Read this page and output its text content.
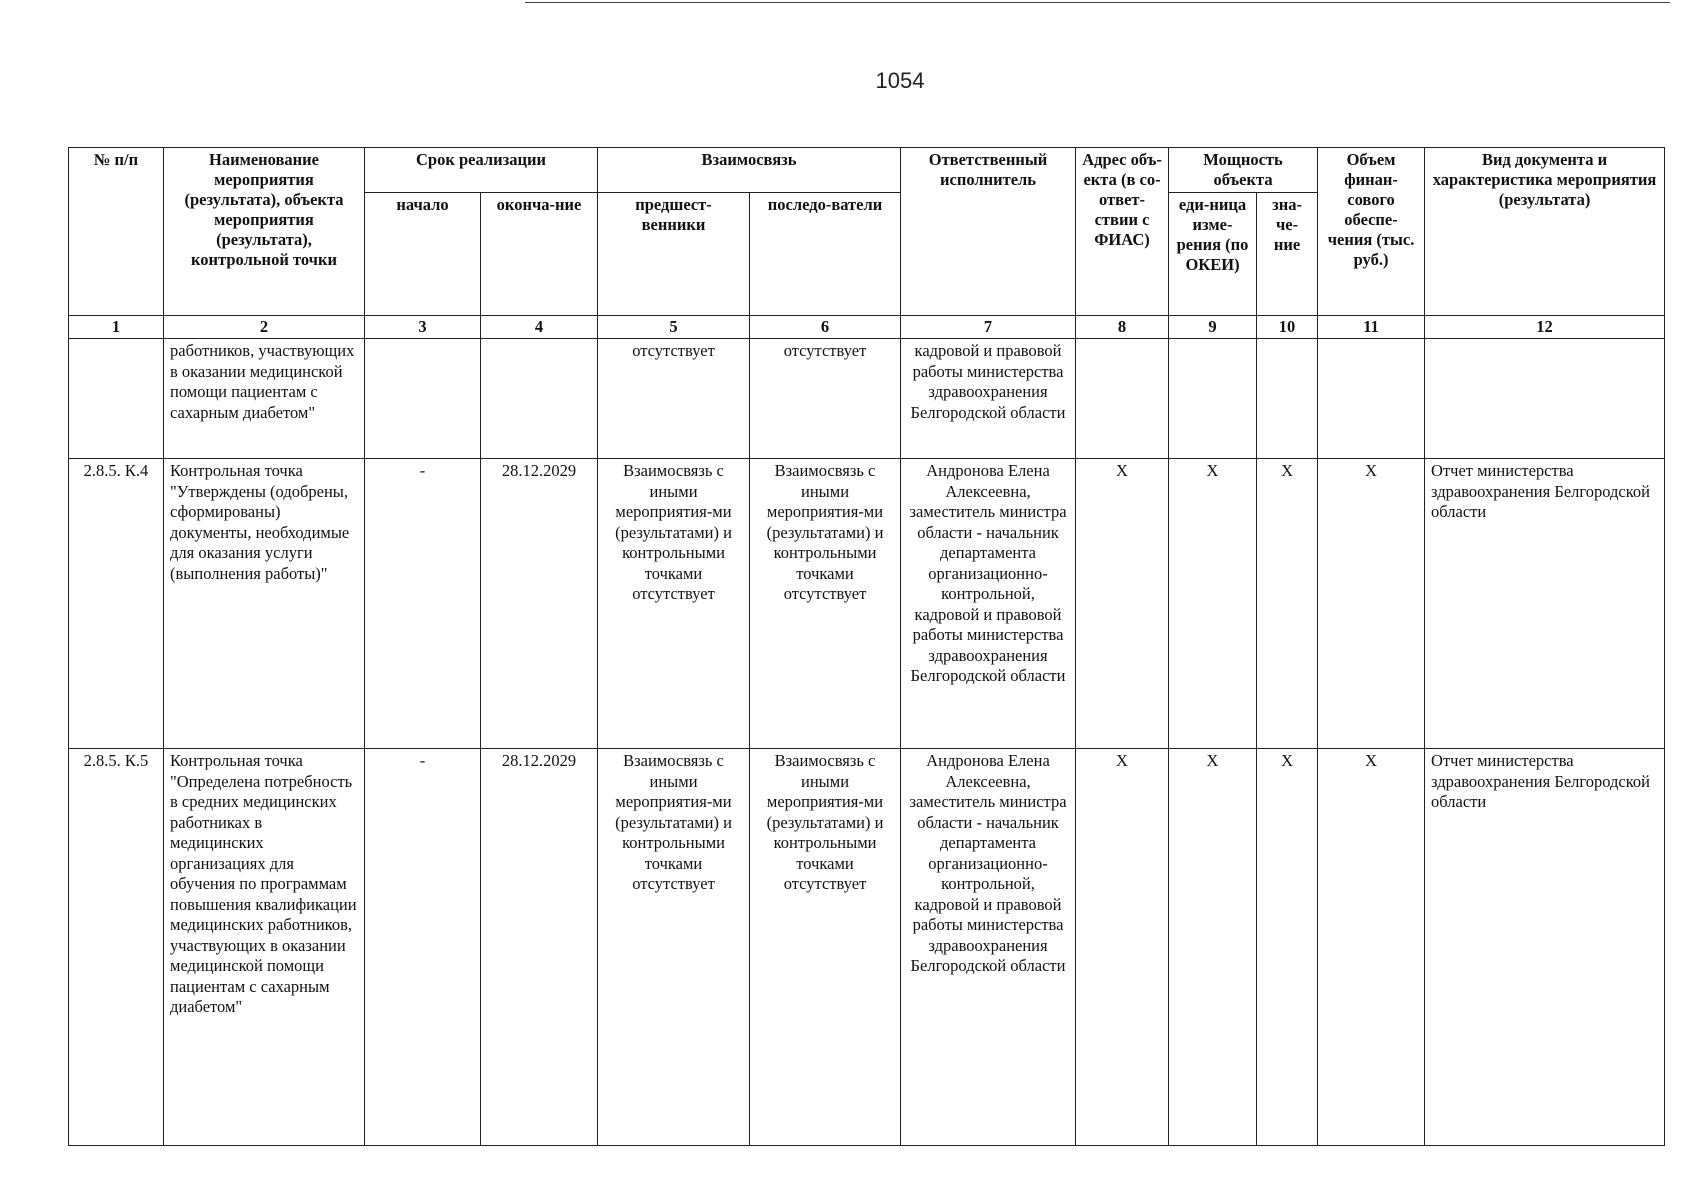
1054
№ п/п	Наименование мероприятия (результата), объекта мероприятия (результата), контрольной точки	Срок реализации		Взаимосвязь		Ответственный исполнитель	Адрес объ-екта (в со-ответ-ствии с ФИАС)	Мощность объекта		Объем финан-сового обеспе-чения (тыс. руб.)	Вид документа и характеристика мероприятия (результата)
		начало	оконча-ние	предшест-венники	последо-ватели			еди-ница изме-рения (по ОКЕИ)	зна-че-ние		
1	2	3	4	5	6	7	8	9	10	11	12
	работников, участвующих в оказании медицинской помощи пациентам с сахарным диабетом"			отсутствует	отсутствует	кадровой и правовой работы министерства здравоохранения Белгородской области					
2.8.5. К.4	Контрольная точка "Утверждены (одобрены, сформированы) документы, необходимые для оказания услуги (выполнения работы)"	-	28.12.2029	Взаимосвязь с иными мероприятия-ми (результатами) и контрольными точками отсутствует	Взаимосвязь с иными мероприятия-ми (результатами) и контрольными точками отсутствует	Андронова Елена Алексеевна, заместитель министра области - начальник департамента организационно-контрольной, кадровой и правовой работы министерства здравоохранения Белгородской области	X	X	X	X	Отчет министерства здравоохранения Белгородской области
2.8.5. К.5	Контрольная точка "Определена потребность в средних медицинских работниках в медицинских организациях для обучения по программам повышения квалификации медицинских работников, участвующих в оказании медицинской помощи пациентам с сахарным диабетом"	-	28.12.2029	Взаимосвязь с иными мероприятия-ми (результатами) и контрольными точками отсутствует	Взаимосвязь с иными мероприятия-ми (результатами) и контрольными точками отсутствует	Андронова Елена Алексеевна, заместитель министра области - начальник департамента организационно-контрольной, кадровой и правовой работы министерства здравоохранения Белгородской области	X	X	X	X	Отчет министерства здравоохранения Белгородской области
